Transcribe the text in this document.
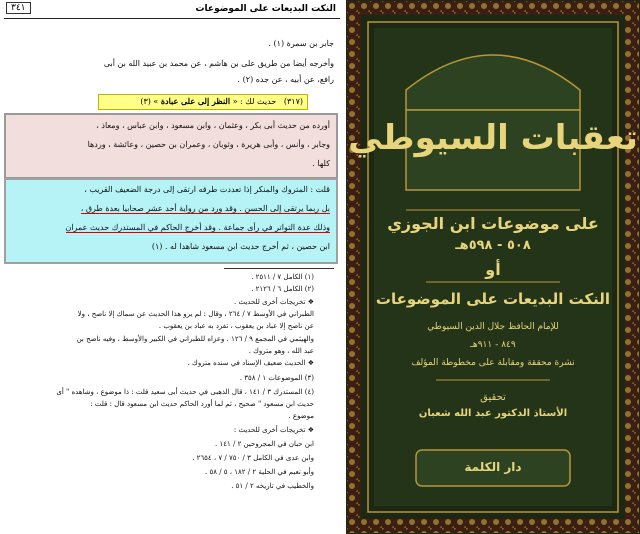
النكت البديعات على الموضوعات
٣٤١
جابر بن سمرة (١) .
وأخرجه أيضا من طريق على بن هاشم ، عن محمد بن عبيد الله بن أبى
رافع، عن أبيه ، عن جده (٢) .
(٣١٧)   حديث لك : « النظر إلى على عبادة » (٣)
أورده من حديث أبى بكر ، وعثمان ، وابن مسعود ، وابن عباس ، ومعاذ ،
وجابر ، وأنس ، وأبى هريرة ، وثوبان ، وعمران بن حصين ، وعائشة ، وردها
كلها .
قلت : المتروك والمنكر إذا تعددت طرقه ارتقى إلى درجة الضعيف القريب ،
بل ربما يرتقى إلى الحسن . وقد ورد من رواية أحد عشر صحابيا بعدة طرق ،
وذلك عدة التواتر في رأى جماعة . وقد أخرج الحاكم في المستدرك حديث عمران
ابن حصين ، ثم أخرج حديث ابن مسعود شاهدا له . (١)
(١) الكامل ٧ / ٢٥١١ .
(٢) الكامل ٦ / ٢١٢٦ .
❖ تخريجات أخرى للحديث .
الطبراني في الأوسط ٧ / ٢٦٤ ، وقال : لم يرو هذا الحديث عن سماك إلا ناصح ، ولا
عن ناصح إلا عباد بن يعقوب ، تفرد به عباد بن يعقوب .
والهيثمي في المجمع ٩ / ١٢٦ . وعزاه للطبراني في الكبير والأوسط ، وفيه ناصح بن
عبد الله ، وهو متروك .
❖ الحديث ضعيف الإسناد في سنده متروك .
(٣) الموضوعات ١ / ٣٥٨ .
(٤) المستدرك ٣ / ١٤١ ، قال الذهبى في حديث أبى سعيد قلت : ذا موضوع ، وشاهده " أى
حديث ابن مسعود " صحيح ، ثم لما أورد الحاكم حديث ابن مسعود قال : قلت :
موضوع .
❖ تخريجات أخرى للحديث :
ابن حبان في المجروحين ٢ / ١٤١ .
وابن عدى في الكامل ٣ / ٧٥٠ / ٧ ، ٢٦٥٤ .
وأبو نعيم في الحلية ٢ / ١٨٢ ، ٥ / ٥٨ .
والخطيب في تاريخه ٢ / ٥١ .
تعقبات السيوطي
على موضوعات ابن الجوزي
٥٠٨ - ٥٩٨هـ
أو
النكت البديعات على الموضوعات
للإمام الحافظ جلال الدين السيوطي
٨٤٩ - ٩١١هـ
نشرة محققة ومقابلة على مخطوطة المؤلف
تحقيق
الأستاذ الدكتور عبد الله شعبان
دار الكلمة
